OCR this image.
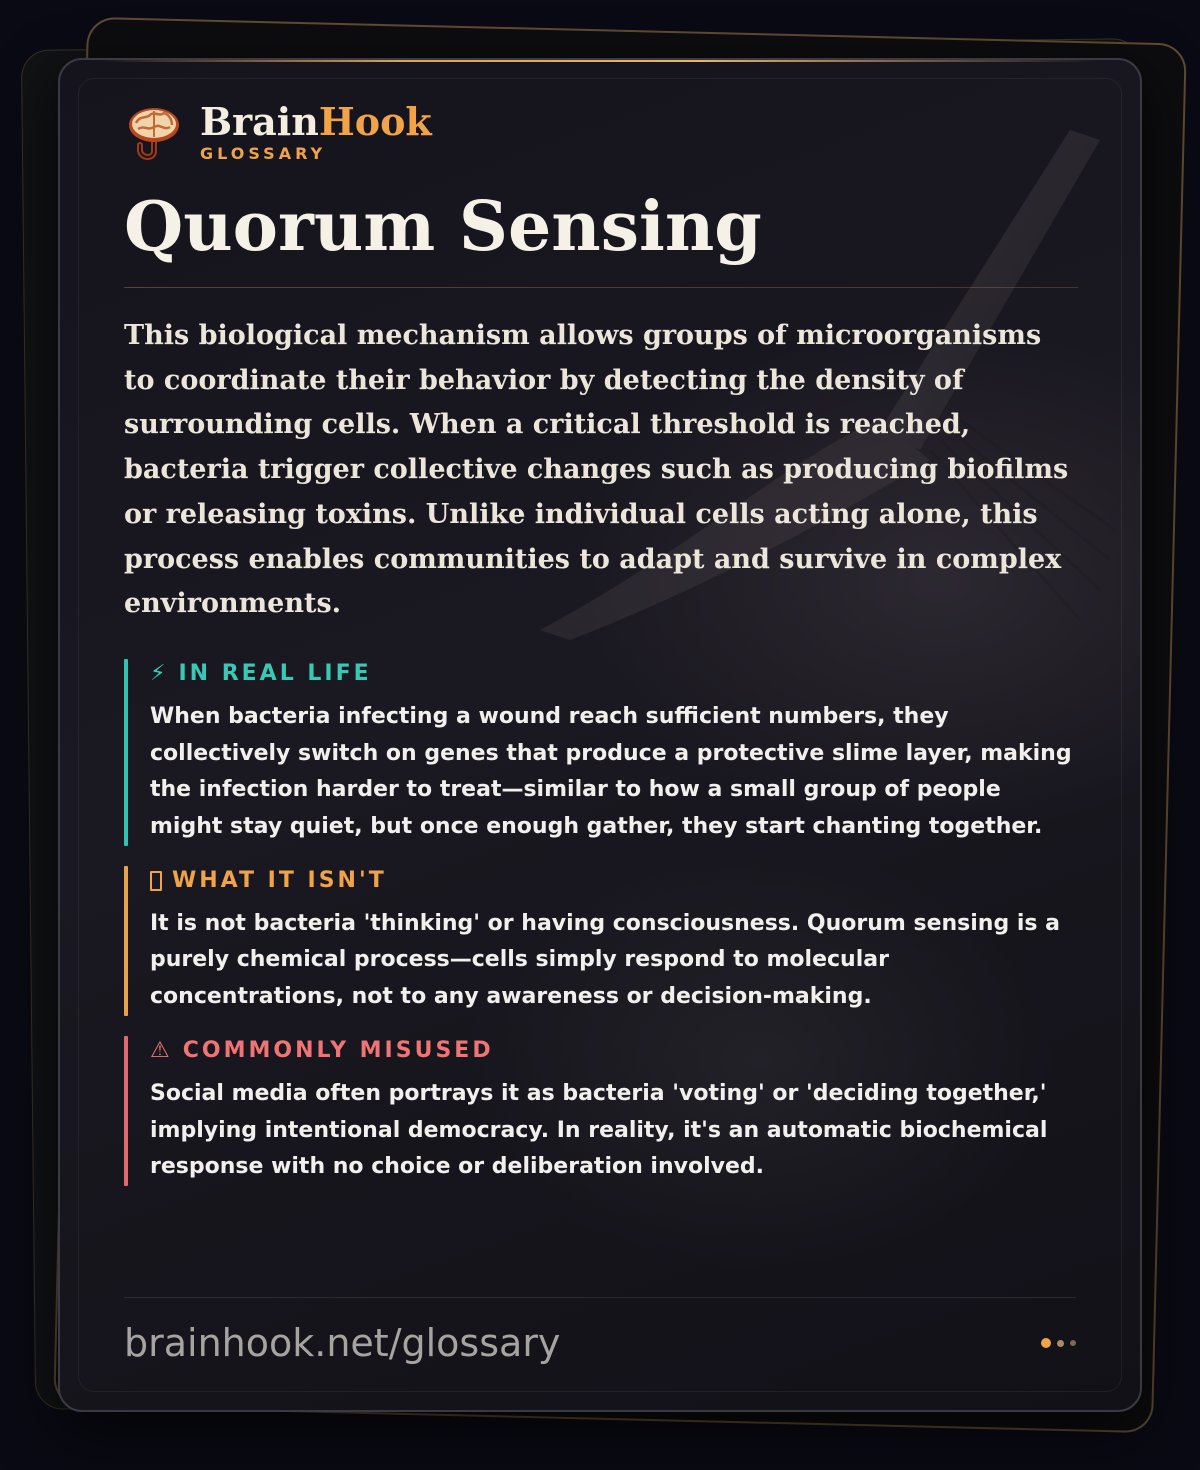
BrainHook
GLOSSARY
Quorum Sensing

This biological mechanism allows groups of microorganisms to coordinate their behavior by detecting the density of surrounding cells. When a critical threshold is reached, bacteria trigger collective changes such as producing biofilms or releasing toxins. Unlike individual cells acting alone, this process enables communities to adapt and survive in complex environments.

⚡ IN REAL LIFE

When bacteria infecting a wound reach sufficient numbers, they collectively switch on genes that produce a protective slime layer, making the infection harder to treat—similar to how a small group of people might stay quiet, but once enough gather, they start chanting together.

WHAT IT ISN'T

It is not bacteria 'thinking' or having consciousness. Quorum sensing is a purely chemical process—cells simply respond to molecular concentrations, not to any awareness or decision-making.

⚠ COMMONLY MISUSED

Social media often portrays it as bacteria 'voting' or 'deciding together,' implying intentional democracy. In reality, it's an automatic biochemical response with no choice or deliberation involved.

brainhook.net/glossary
